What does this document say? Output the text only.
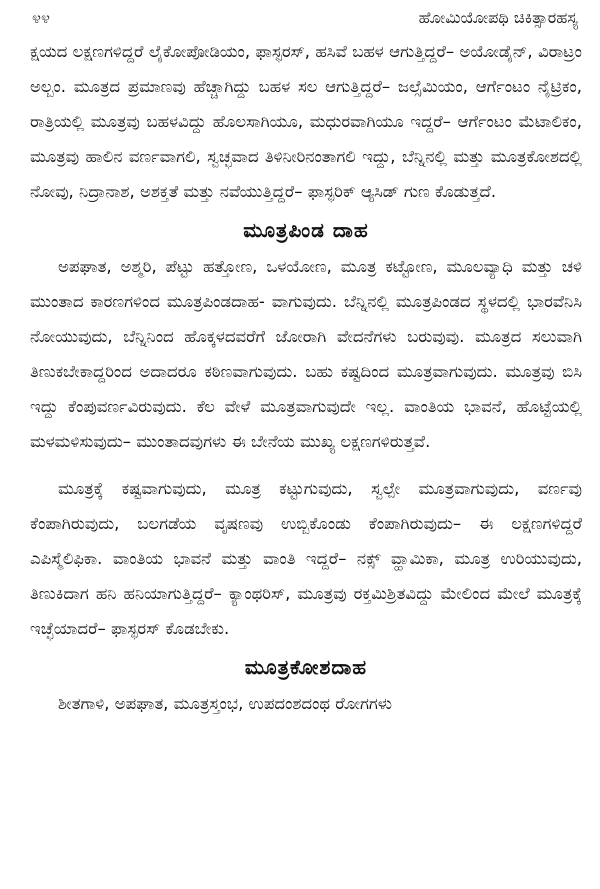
೪೪	ಹೋಮಿಯೋಪಥಿ ಚಿಕಿತ್ಸಾರಹಸ್ಯ

ಕ್ಷಯದ ಲಕ್ಷಣಗಳಿದ್ದರೆ ಲೈಕೋಪೋಡಿಯಂ, ಫಾಸ್ಫರಸ್, ಹಸಿವೆ ಬಹಳ ಆಗುತ್ತಿದ್ದರೆ– ಅಯೋಡೈನ್, ವಿರಾಟ್ರಂ ಅಲ್ಬಂ. ಮೂತ್ರದ ಪ್ರಮಾಣವು ಹೆಚ್ಚಾಗಿದ್ದು ಬಹಳ ಸಲ ಆಗುತ್ತಿದ್ದರೆ– ಜಲ್ಸೆಮಿಯಂ, ಆರ್ಗೆಂಟಂ ನೈಟ್ರಿಕಂ, ರಾತ್ರಿಯಲ್ಲಿ ಮೂತ್ರವು ಬಹಳವಿದ್ದು ಹೊಲಸಾಗಿಯೂ, ಮಧುರವಾಗಿಯೂ ಇದ್ದರೆ– ಆರ್ಗೆಂಟಂ ಮೆಟಾಲಿಕಂ, ಮೂತ್ರವು ಹಾಲಿನ ವರ್ಣವಾಗಲಿ, ಸ್ವಚ್ಛವಾದ ತಿಳಿನೀರಿನಂತಾಗಲಿ ಇದ್ದು, ಬೆನ್ನಿನಲ್ಲಿ ಮತ್ತು ಮೂತ್ರಕೋಶದಲ್ಲಿ ನೋವು, ನಿದ್ರಾನಾಶ, ಅಶಕ್ತತೆ ಮತ್ತು ನವೆಯುತ್ತಿದ್ದರೆ– ಫಾಸ್ಫರಿಕ್ ಆ್ಯಸಿಡ್ ಗುಣ ಕೊಡುತ್ತದೆ.

ಮೂತ್ರಪಿಂಡ ದಾಹ

ಅಪಘಾತ, ಅಶ್ಮರಿ, ಪೆಟ್ಟು ಹತ್ತೋಣ, ಒಳಯೋಣ, ಮೂತ್ರ ಕಟ್ಟೋಣ, ಮೂಲವ್ಯಾಧಿ ಮತ್ತು ಚಳಿ ಮುಂತಾದ ಕಾರಣಗಳಿಂದ ಮೂತ್ರಪಿಂಡದಾಹ- ವಾಗುವುದು. ಬೆನ್ನಿನಲ್ಲಿ ಮೂತ್ರಪಿಂಡದ ಸ್ಥಳದಲ್ಲಿ ಭಾರವೆನಿಸಿ ನೋಯುವುದು, ಬೆನ್ನಿನಿಂದ ಹೊಕ್ಕಳದವರೆಗೆ ಜೋರಾಗಿ ವೇದನೆಗಳು ಬರುವುವು. ಮೂತ್ರದ ಸಲುವಾಗಿ ತಿಣುಕಬೇಕಾದ್ದರಿಂದ ಅದಾದರೂ ಕಠಿಣವಾಗುವುದು. ಬಹು ಕಷ್ಟದಿಂದ ಮೂತ್ರವಾಗುವುದು. ಮೂತ್ರವು ಬಿಸಿ ಇದ್ದು ಕೆಂಪುವರ್ಣವಿರುವುದು. ಕೆಲ ವೇಳೆ ಮೂತ್ರವಾಗುವುದೇ ಇಲ್ಲ. ವಾಂತಿಯ ಭಾವನೆ, ಹೊಟ್ಟೆಯಲ್ಲಿ ಮಳಮಳಿಸುವುದು– ಮುಂತಾದವುಗಳು ಈ ಬೇನೆಯ ಮುಖ್ಯ ಲಕ್ಷಣಗಳಿರುತ್ತವೆ.

ಮೂತ್ರಕ್ಕೆ ಕಷ್ಟವಾಗುವುದು, ಮೂತ್ರ ಕಟ್ಟುಗುವುದು, ಸ್ವಲ್ಪೇ ಮೂತ್ರವಾಗುವುದು, ವರ್ಣವು ಕೆಂಪಾಗಿರುವುದು, ಬಲಗಡೆಯ ವೃಷಣವು ಉಬ್ಬಿಕೊಂಡು ಕೆಂಪಾಗಿರುವುದು– ಈ ಲಕ್ಷಣಗಳಿದ್ದರೆ ಎಪಿಸ್ಮೆಲಿಫಿಕಾ. ವಾಂತಿಯ ಭಾವನೆ ಮತ್ತು ವಾಂತಿ ಇದ್ದರೆ– ನಕ್ಸ್ ವ್ಹಾಮಿಕಾ, ಮೂತ್ರ ಉರಿಯುವುದು, ತಿಣುಕಿದಾಗ ಹನಿ ಹನಿಯಾಗುತ್ತಿದ್ದರೆ– ಕ್ಯಾಂಥರಿಸ್, ಮೂತ್ರವು ರಕ್ತಮಿಶ್ರಿತವಿದ್ದು ಮೇಲಿಂದ ಮೇಲೆ ಮೂತ್ರಕ್ಕೆ ಇಚ್ಛೆಯಾದರೆ– ಫಾಸ್ಫರಸ್ ಕೊಡಬೇಕು.

ಮೂತ್ರಕೋಶದಾಹ

ಶೀತಗಾಳಿ, ಅಪಘಾತ, ಮೂತ್ರಸ್ತಂಭ, ಉಪದಂಶದಂಥ ರೋಗಗಳು
